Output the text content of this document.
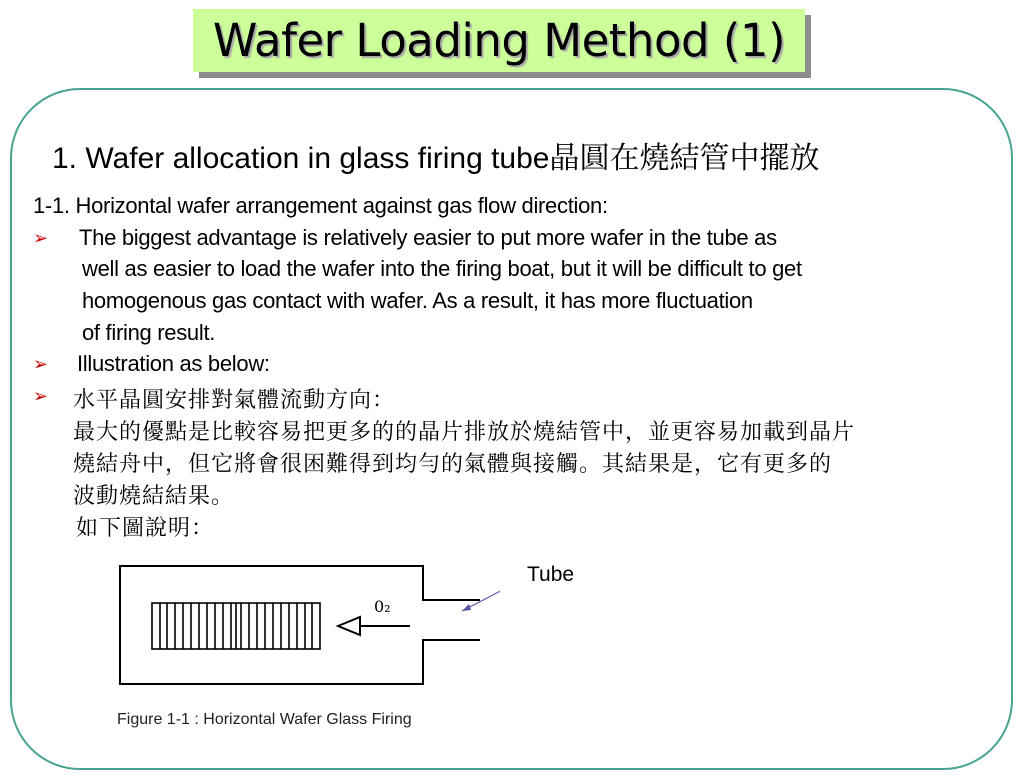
Wafer Loading Method (1)
1. Wafer allocation in glass firing tube晶圓在燒結管中擺放
1-1. Horizontal wafer arrangement against gas flow direction:
➢ The biggest advantage is relatively easier to put more wafer in the tube as
well as easier to load the wafer into the firing boat, but it will be difficult to get
homogenous gas contact with wafer. As a result, it has more fluctuation
of firing result.
➢ Illustration as below:
➢ 水平晶圓安排對氣體流動方向：
最大的優點是比較容易把更多的的晶片排放於燒結管中，並更容易加載到晶片
燒結舟中，但它將會很困難得到均勻的氣體與接觸。其結果是，它有更多的
波動燒結結果。
如下圖說明：
Tube
0₂
Figure 1-1 : Horizontal Wafer Glass Firing
